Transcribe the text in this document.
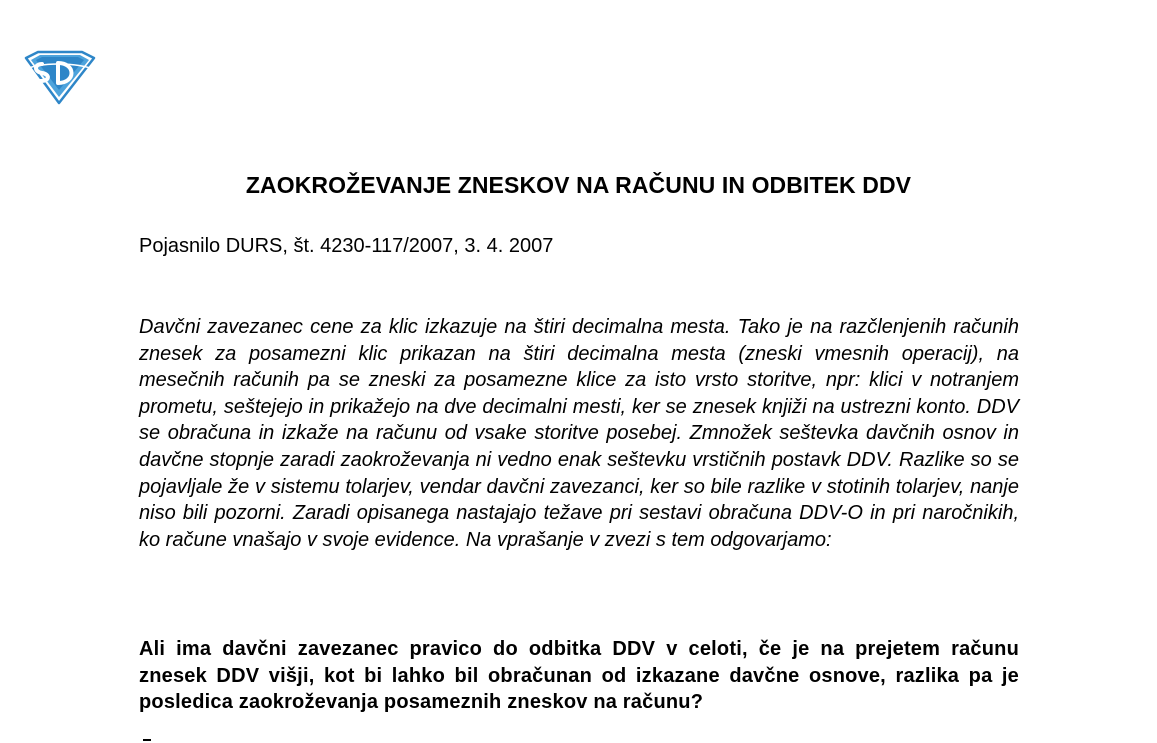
ZAOKROŽEVANJE ZNESKOV NA RAČUNU IN ODBITEK DDV
Pojasnilo DURS, št. 4230-117/2007, 3. 4. 2007
Davčni zavezanec cene za klic izkazuje na štiri decimalna mesta. Tako je na razčlenjenih računih znesek za posamezni klic prikazan na štiri decimalna mesta (zneski vmesnih operacij), na mesečnih računih pa se zneski za posamezne klice za isto vrsto storitve, npr: klici v notranjem prometu, seštejejo in prikažejo na dve decimalni mesti, ker se znesek knjiži na ustrezni konto. DDV se obračuna in izkaže na računu od vsake storitve posebej. Zmnožek seštevka davčnih osnov in davčne stopnje zaradi zaokroževanja ni vedno enak seštevku vrstičnih postavk DDV. Razlike so se pojavljale že v sistemu tolarjev, vendar davčni zavezanci, ker so bile razlike v stotinih tolarjev, nanje niso bili pozorni. Zaradi opisanega nastajajo težave pri sestavi obračuna DDV-O in pri naročnikih, ko račune vnašajo v svoje evidence. Na vprašanje v zvezi s tem odgovarjamo:
Ali ima davčni zavezanec pravico do odbitka DDV v celoti, če je na prejetem računu znesek DDV višji, kot bi lahko bil obračunan od izkazane davčne osnove, razlika pa je posledica zaokroževanja posameznih zneskov na računu?
